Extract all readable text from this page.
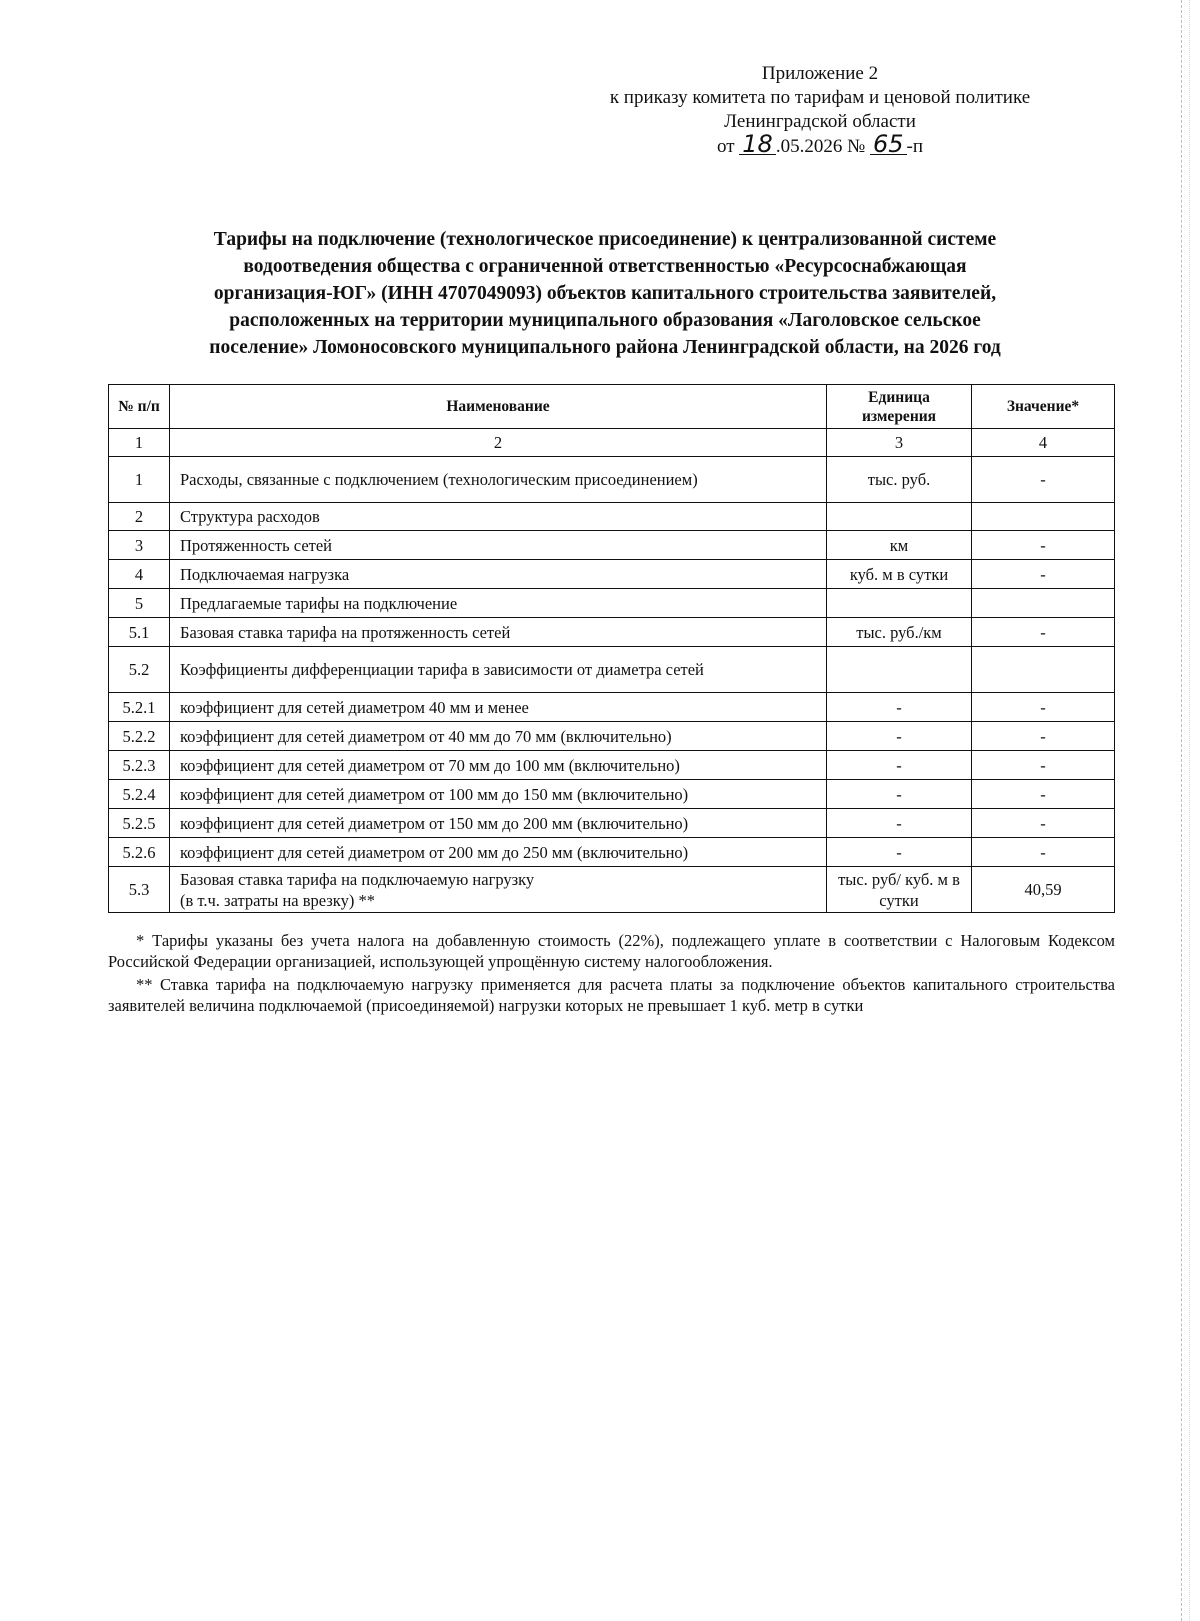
Приложение 2
к приказу комитета по тарифам и ценовой политике
Ленинградской области
от 18 .05.2026 № 65 -п
Тарифы на подключение (технологическое присоединение) к централизованной системе
водоотведения общества с ограниченной ответственностью «Ресурсоснабжающая
организация-ЮГ» (ИНН 4707049093) объектов капитального строительства заявителей,
расположенных на территории муниципального образования «Лаголовское сельское
поселение» Ломоносовского муниципального района Ленинградской области, на 2026 год
№ п/п	Наименование	Единица измерения	Значение*
1	2	3	4
1	Расходы, связанные с подключением (технологическим присоединением)	тыс. руб.	-
2	Структура расходов		
3	Протяженность сетей	км	-
4	Подключаемая нагрузка	куб. м в сутки	-
5	Предлагаемые тарифы на подключение		
5.1	Базовая ставка тарифа на протяженность сетей	тыс. руб./км	-
5.2	Коэффициенты дифференциации тарифа в зависимости от диаметра сетей		
5.2.1	коэффициент для сетей диаметром 40 мм и менее	-	-
5.2.2	коэффициент для сетей диаметром от 40 мм до 70 мм (включительно)	-	-
5.2.3	коэффициент для сетей диаметром от 70 мм до 100 мм (включительно)	-	-
5.2.4	коэффициент для сетей диаметром от 100 мм до 150 мм (включительно)	-	-
5.2.5	коэффициент для сетей диаметром от 150 мм до 200 мм (включительно)	-	-
5.2.6	коэффициент для сетей диаметром от 200 мм до 250 мм (включительно)	-	-
5.3	Базовая ставка тарифа на подключаемую нагрузку
(в т.ч. затраты на врезку) **	тыс. руб/ куб. м в сутки	40,59

* Тарифы указаны без учета налога на добавленную стоимость (22%), подлежащего уплате в соответствии с Налоговым Кодексом Российской Федерации организацией, использующей упрощённую систему налогообложения.

** Ставка тарифа на подключаемую нагрузку применяется для расчета платы за подключение объектов капитального строительства заявителей величина подключаемой (присоединяемой) нагрузки которых не превышает 1 куб. метр в сутки
